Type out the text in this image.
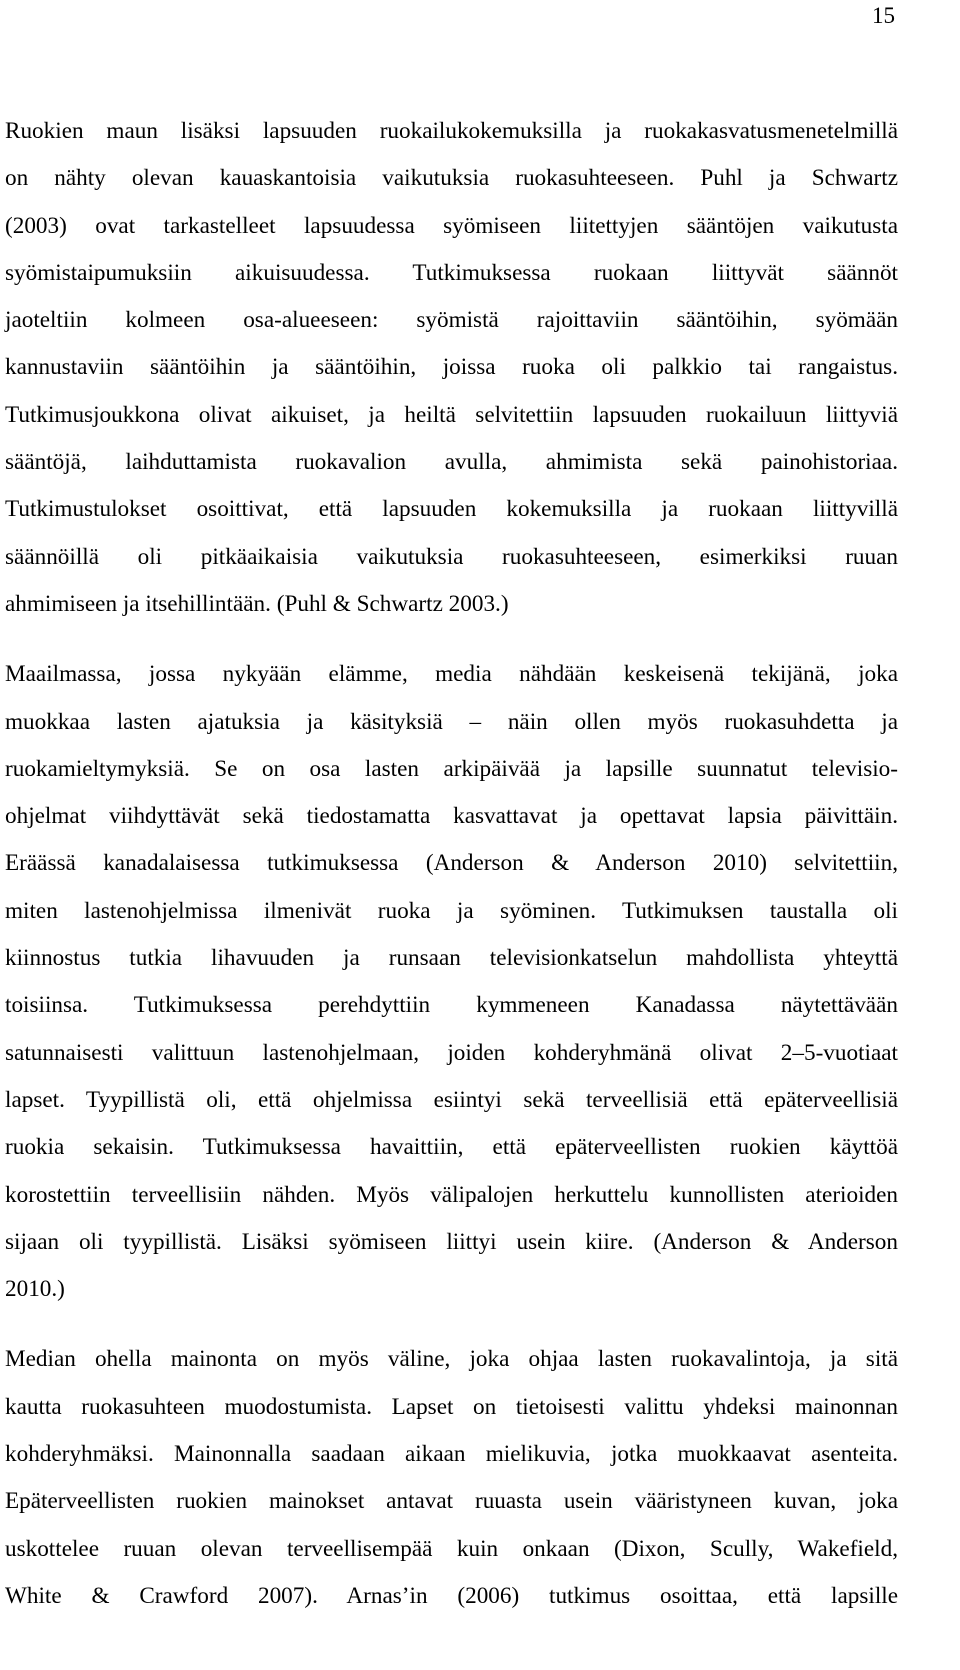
15

Ruokien maun lisäksi lapsuuden ruokailukokemuksilla ja ruokakasvatusmenetelmillä
on nähty olevan kauaskantoisia vaikutuksia ruokasuhteeseen. Puhl ja Schwartz
(2003) ovat tarkastelleet lapsuudessa syömiseen liitettyjen sääntöjen vaikutusta
syömistaipumuksiin aikuisuudessa. Tutkimuksessa ruokaan liittyvät säännöt
jaoteltiin kolmeen osa-alueeseen: syömistä rajoittaviin sääntöihin, syömään
kannustaviin sääntöihin ja sääntöihin, joissa ruoka oli palkkio tai rangaistus.
Tutkimusjoukkona olivat aikuiset, ja heiltä selvitettiin lapsuuden ruokailuun liittyviä
sääntöjä, laihduttamista ruokavalion avulla, ahmimista sekä painohistoriaa.
Tutkimustulokset osoittivat, että lapsuuden kokemuksilla ja ruokaan liittyvillä
säännöillä oli pitkäaikaisia vaikutuksia ruokasuhteeseen, esimerkiksi ruuan
ahmimiseen ja itsehillintään. (Puhl & Schwartz 2003.)

Maailmassa, jossa nykyään elämme, media nähdään keskeisenä tekijänä, joka
muokkaa lasten ajatuksia ja käsityksiä – näin ollen myös ruokasuhdetta ja
ruokamieltymyksiä. Se on osa lasten arkipäivää ja lapsille suunnatut televisio-
ohjelmat viihdyttävät sekä tiedostamatta kasvattavat ja opettavat lapsia päivittäin.
Eräässä kanadalaisessa tutkimuksessa (Anderson & Anderson 2010) selvitettiin,
miten lastenohjelmissa ilmenivät ruoka ja syöminen. Tutkimuksen taustalla oli
kiinnostus tutkia lihavuuden ja runsaan televisionkatselun mahdollista yhteyttä
toisiinsa. Tutkimuksessa perehdyttiin kymmeneen Kanadassa näytettävään
satunnaisesti valittuun lastenohjelmaan, joiden kohderyhmänä olivat 2–5-vuotiaat
lapset. Tyypillistä oli, että ohjelmissa esiintyi sekä terveellisiä että epäterveellisiä
ruokia sekaisin. Tutkimuksessa havaittiin, että epäterveellisten ruokien käyttöä
korostettiin terveellisiin nähden. Myös välipalojen herkuttelu kunnollisten aterioiden
sijaan oli tyypillistä. Lisäksi syömiseen liittyi usein kiire. (Anderson & Anderson
2010.)

Median ohella mainonta on myös väline, joka ohjaa lasten ruokavalintoja, ja sitä
kautta ruokasuhteen muodostumista. Lapset on tietoisesti valittu yhdeksi mainonnan
kohderyhmäksi. Mainonnalla saadaan aikaan mielikuvia, jotka muokkaavat asenteita.
Epäterveellisten ruokien mainokset antavat ruuasta usein vääristyneen kuvan, joka
uskottelee ruuan olevan terveellisempää kuin onkaan (Dixon, Scully, Wakefield,
White & Crawford 2007). Arnas’in (2006) tutkimus osoittaa, että lapsille
